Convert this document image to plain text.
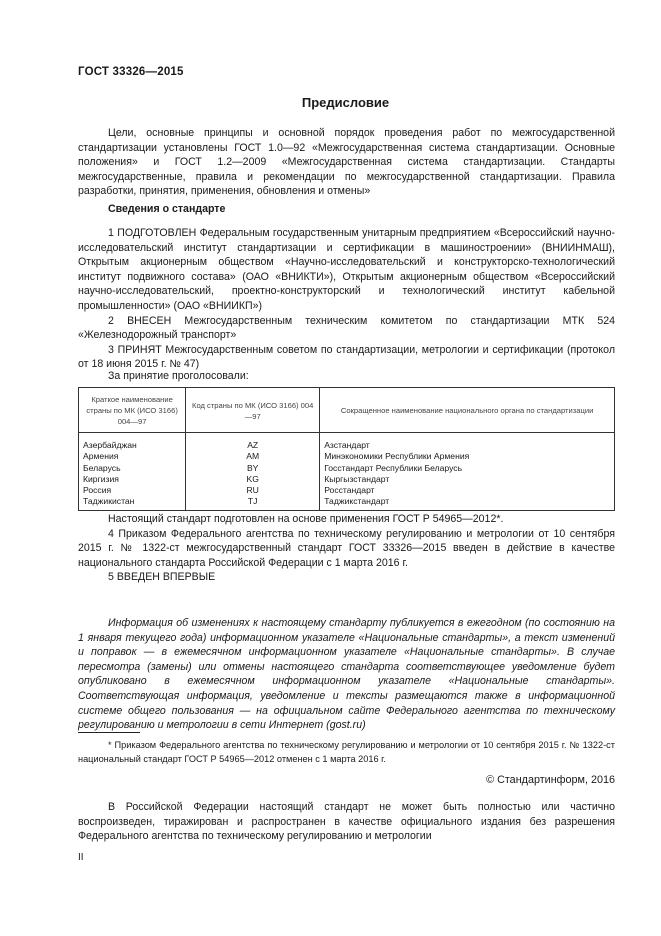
ГОСТ 33326—2015
Предисловие

Цели, основные принципы и основной порядок проведения работ по межгосударственной стандартизации установлены ГОСТ 1.0—92 «Межгосударственная система стандартизации. Основные положения» и ГОСТ 1.2—2009 «Межгосударственная система стандартизации. Стандарты межгосударственные, правила и рекомендации по межгосударственной стандартизации. Правила разработки, принятия, применения, обновления и отмены»

Сведения о стандарте

1 ПОДГОТОВЛЕН Федеральным государственным унитарным предприятием «Всероссийский научно-исследовательский институт стандартизации и сертификации в машиностроении» (ВНИИНМАШ), Открытым акционерным обществом «Научно-исследовательский и конструкторско-технологический институт подвижного состава» (ОАО «ВНИКТИ»), Открытым акционерным обществом «Всероссийский научно-исследовательский, проектно-конструкторский и технологический институт кабельной промышленности» (ОАО «ВНИИКП»)

2 ВНЕСЕН Межгосударственным техническим комитетом по стандартизации МТК 524 «Железнодорожный транспорт»

3 ПРИНЯТ Межгосударственным советом по стандартизации, метрологии и сертификации (протокол от 18 июня 2015 г. № 47)

За принятие проголосовали:
Краткое наименование страны по МК (ИСО 3166) 004—97	Код страны по МК (ИСО 3166) 004—97	Сокращенное наименование национального органа по стандартизации
Азербайджан	AZ	Азстандарт
Армения	AM	Минэкономики Республики Армения
Беларусь	BY	Госстандарт Республики Беларусь
Киргизия	KG	Кыргызстандарт
Россия	RU	Росстандарт
Таджикистан	TJ	Таджикстандарт

Настоящий стандарт подготовлен на основе применения ГОСТ Р 54965—2012*.

4 Приказом Федерального агентства по техническому регулированию и метрологии от 10 сентября 2015 г. № 1322-ст межгосударственный стандарт ГОСТ 33326—2015 введен в действие в качестве национального стандарта Российской Федерации с 1 марта 2016 г.

5 ВВЕДЕН ВПЕРВЫЕ

Информация об изменениях к настоящему стандарту публикуется в ежегодном (по состоянию на 1 января текущего года) информационном указателе «Национальные стандарты», а текст изменений и поправок — в ежемесячном информационном указателе «Национальные стандарты». В случае пересмотра (замены) или отмены настоящего стандарта соответствующее уведомление будет опубликовано в ежемесячном информационном указателе «Национальные стандарты». Соответствующая информация, уведомление и тексты размещаются также в информационной системе общего пользования — на официальном сайте Федерального агентства по техническому регулированию и метрологии в сети Интернет (gost.ru)

* Приказом Федерального агентства по техническому регулированию и метрологии от 10 сентября 2015 г. № 1322-ст национальный стандарт ГОСТ Р 54965—2012 отменен с 1 марта 2016 г.

© Стандартинформ, 2016

В Российской Федерации настоящий стандарт не может быть полностью или частично воспроизведен, тиражирован и распространен в качестве официального издания без разрешения Федерального агентства по техническому регулированию и метрологии

II
